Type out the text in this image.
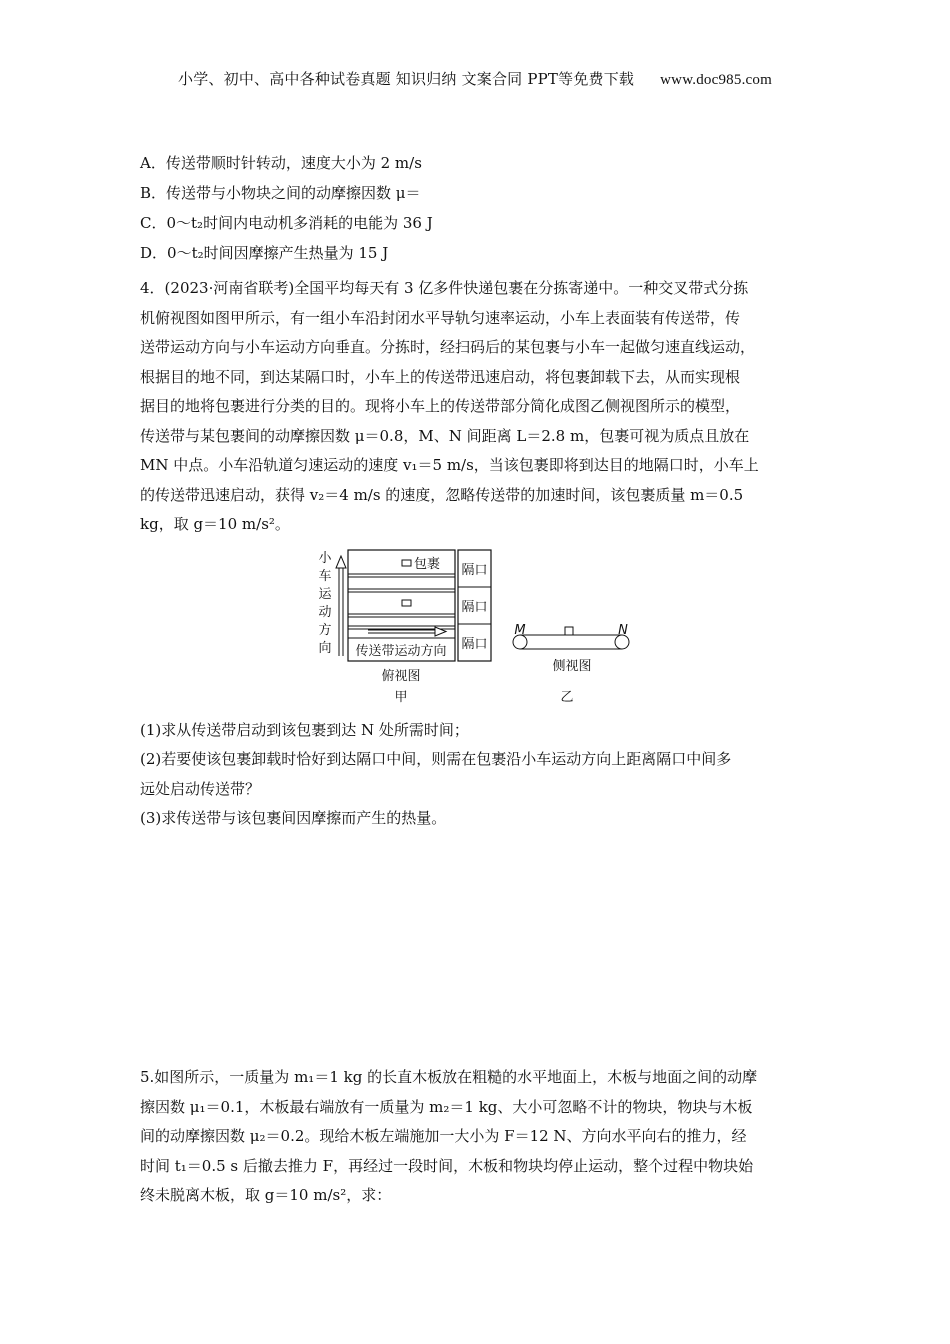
小学、初中、高中各种试卷真题 知识归纳 文案合同 PPT等免费下载 www.doc985.com
A．传送带顺时针转动，速度大小为 2 m/s
B．传送带与小物块之间的动摩擦因数 μ＝
C．0～t₂时间内电动机多消耗的电能为 36 J
D．0～t₂时间因摩擦产生热量为 15 J

4．(2023·河南省联考)全国平均每天有 3 亿多件快递包裹在分拣寄递中。一种交叉带式分拣

机俯视图如图甲所示，有一组小车沿封闭水平导轨匀速率运动，小车上表面装有传送带，传

送带运动方向与小车运动方向垂直。分拣时，经扫码后的某包裹与小车一起做匀速直线运动，

根据目的地不同，到达某隔口时，小车上的传送带迅速启动，将包裹卸载下去，从而实现根

据目的地将包裹进行分类的目的。现将小车上的传送带部分简化成图乙侧视图所示的模型，

传送带与某包裹间的动摩擦因数 μ＝0.8，M、N 间距离 L＝2.8 m，包裹可视为质点且放在

MN 中点。小车沿轨道匀速运动的速度 v₁＝5 m/s，当该包裹即将到达目的地隔口时，小车上

的传送带迅速启动，获得 v₂＝4 m/s 的速度，忽略传送带的加速时间，该包裹质量 m＝0.5

kg，取 g＝10 m/s²。

(1)求从传送带启动到该包裹到达 N 处所需时间；

(2)若要使该包裹卸载时恰好到达隔口中间，则需在包裹沿小车运动方向上距离隔口中间多

远处启动传送带？

(3)求传送带与该包裹间因摩擦而产生的热量。

小
车
运
动
方
向
包裹
传送带运动方向
隔口
隔口
隔口
俯视图
甲
M	N
侧视图
乙

5.如图所示，一质量为 m₁＝1 kg 的长直木板放在粗糙的水平地面上，木板与地面之间的动摩

擦因数 μ₁＝0.1，木板最右端放有一质量为 m₂＝1 kg、大小可忽略不计的物块，物块与木板

间的动摩擦因数 μ₂＝0.2。现给木板左端施加一大小为 F＝12 N、方向水平向右的推力，经

时间 t₁＝0.5 s 后撤去推力 F，再经过一段时间，木板和物块均停止运动，整个过程中物块始

终未脱离木板，取 g＝10 m/s²，求：
